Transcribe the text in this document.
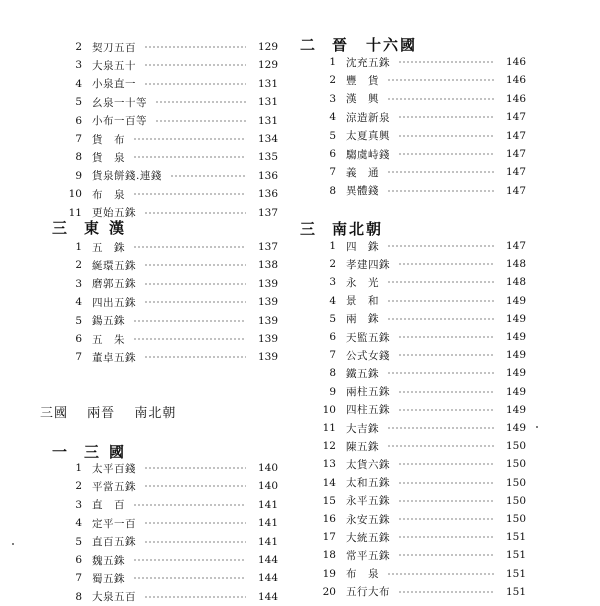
2 契刀五百	129
3 大泉五十	129
4 小泉直一	131
5 幺泉一十等	131
6 小布一百等	131
7 貨　布	134
8 貨　泉	135
9 貨泉餅錢.連錢	136
10 布　泉	136
11 更始五銖	137
三	東漢
1 五　銖	137
2 綖環五銖	138
3 磨郭五銖	139
4 四出五銖	139
5 鍚五銖	139
6 五　朱	139
7 董卓五銖	139
一	三國
1 太平百錢	140
2 平當五銖	140
3 直　百	141
4 定平一百	141
5 直百五銖	141
6 魏五銖	144
7 蜀五銖	144
8 大泉五百	144
三國 兩晉 南北朝
二	晉　十六國
1 沈充五銖	146
2 豐　貨	146
3 漢　興	146
4 涼造新泉	147
5 太夏真興	147
6 騶虞峙錢	147
7 義　通	147
8 異體錢	147
三	南北朝
1 四　銖	147
2 孝建四銖	148
3 永　光	148
4 景　和	149
5 兩　銖	149
6 天監五銖	149
7 公式女錢	149
8 鐵五銖	149
9 兩柱五銖	149
10 四柱五銖	149
11 大吉銖	149
12 陳五銖	150
13 太貨六銖	150
14 太和五銖	150
15 永平五銖	150
16 永安五銖	150
17 大統五銖	151
18 常平五銖	151
19 布　泉	151
20 五行大布	151
